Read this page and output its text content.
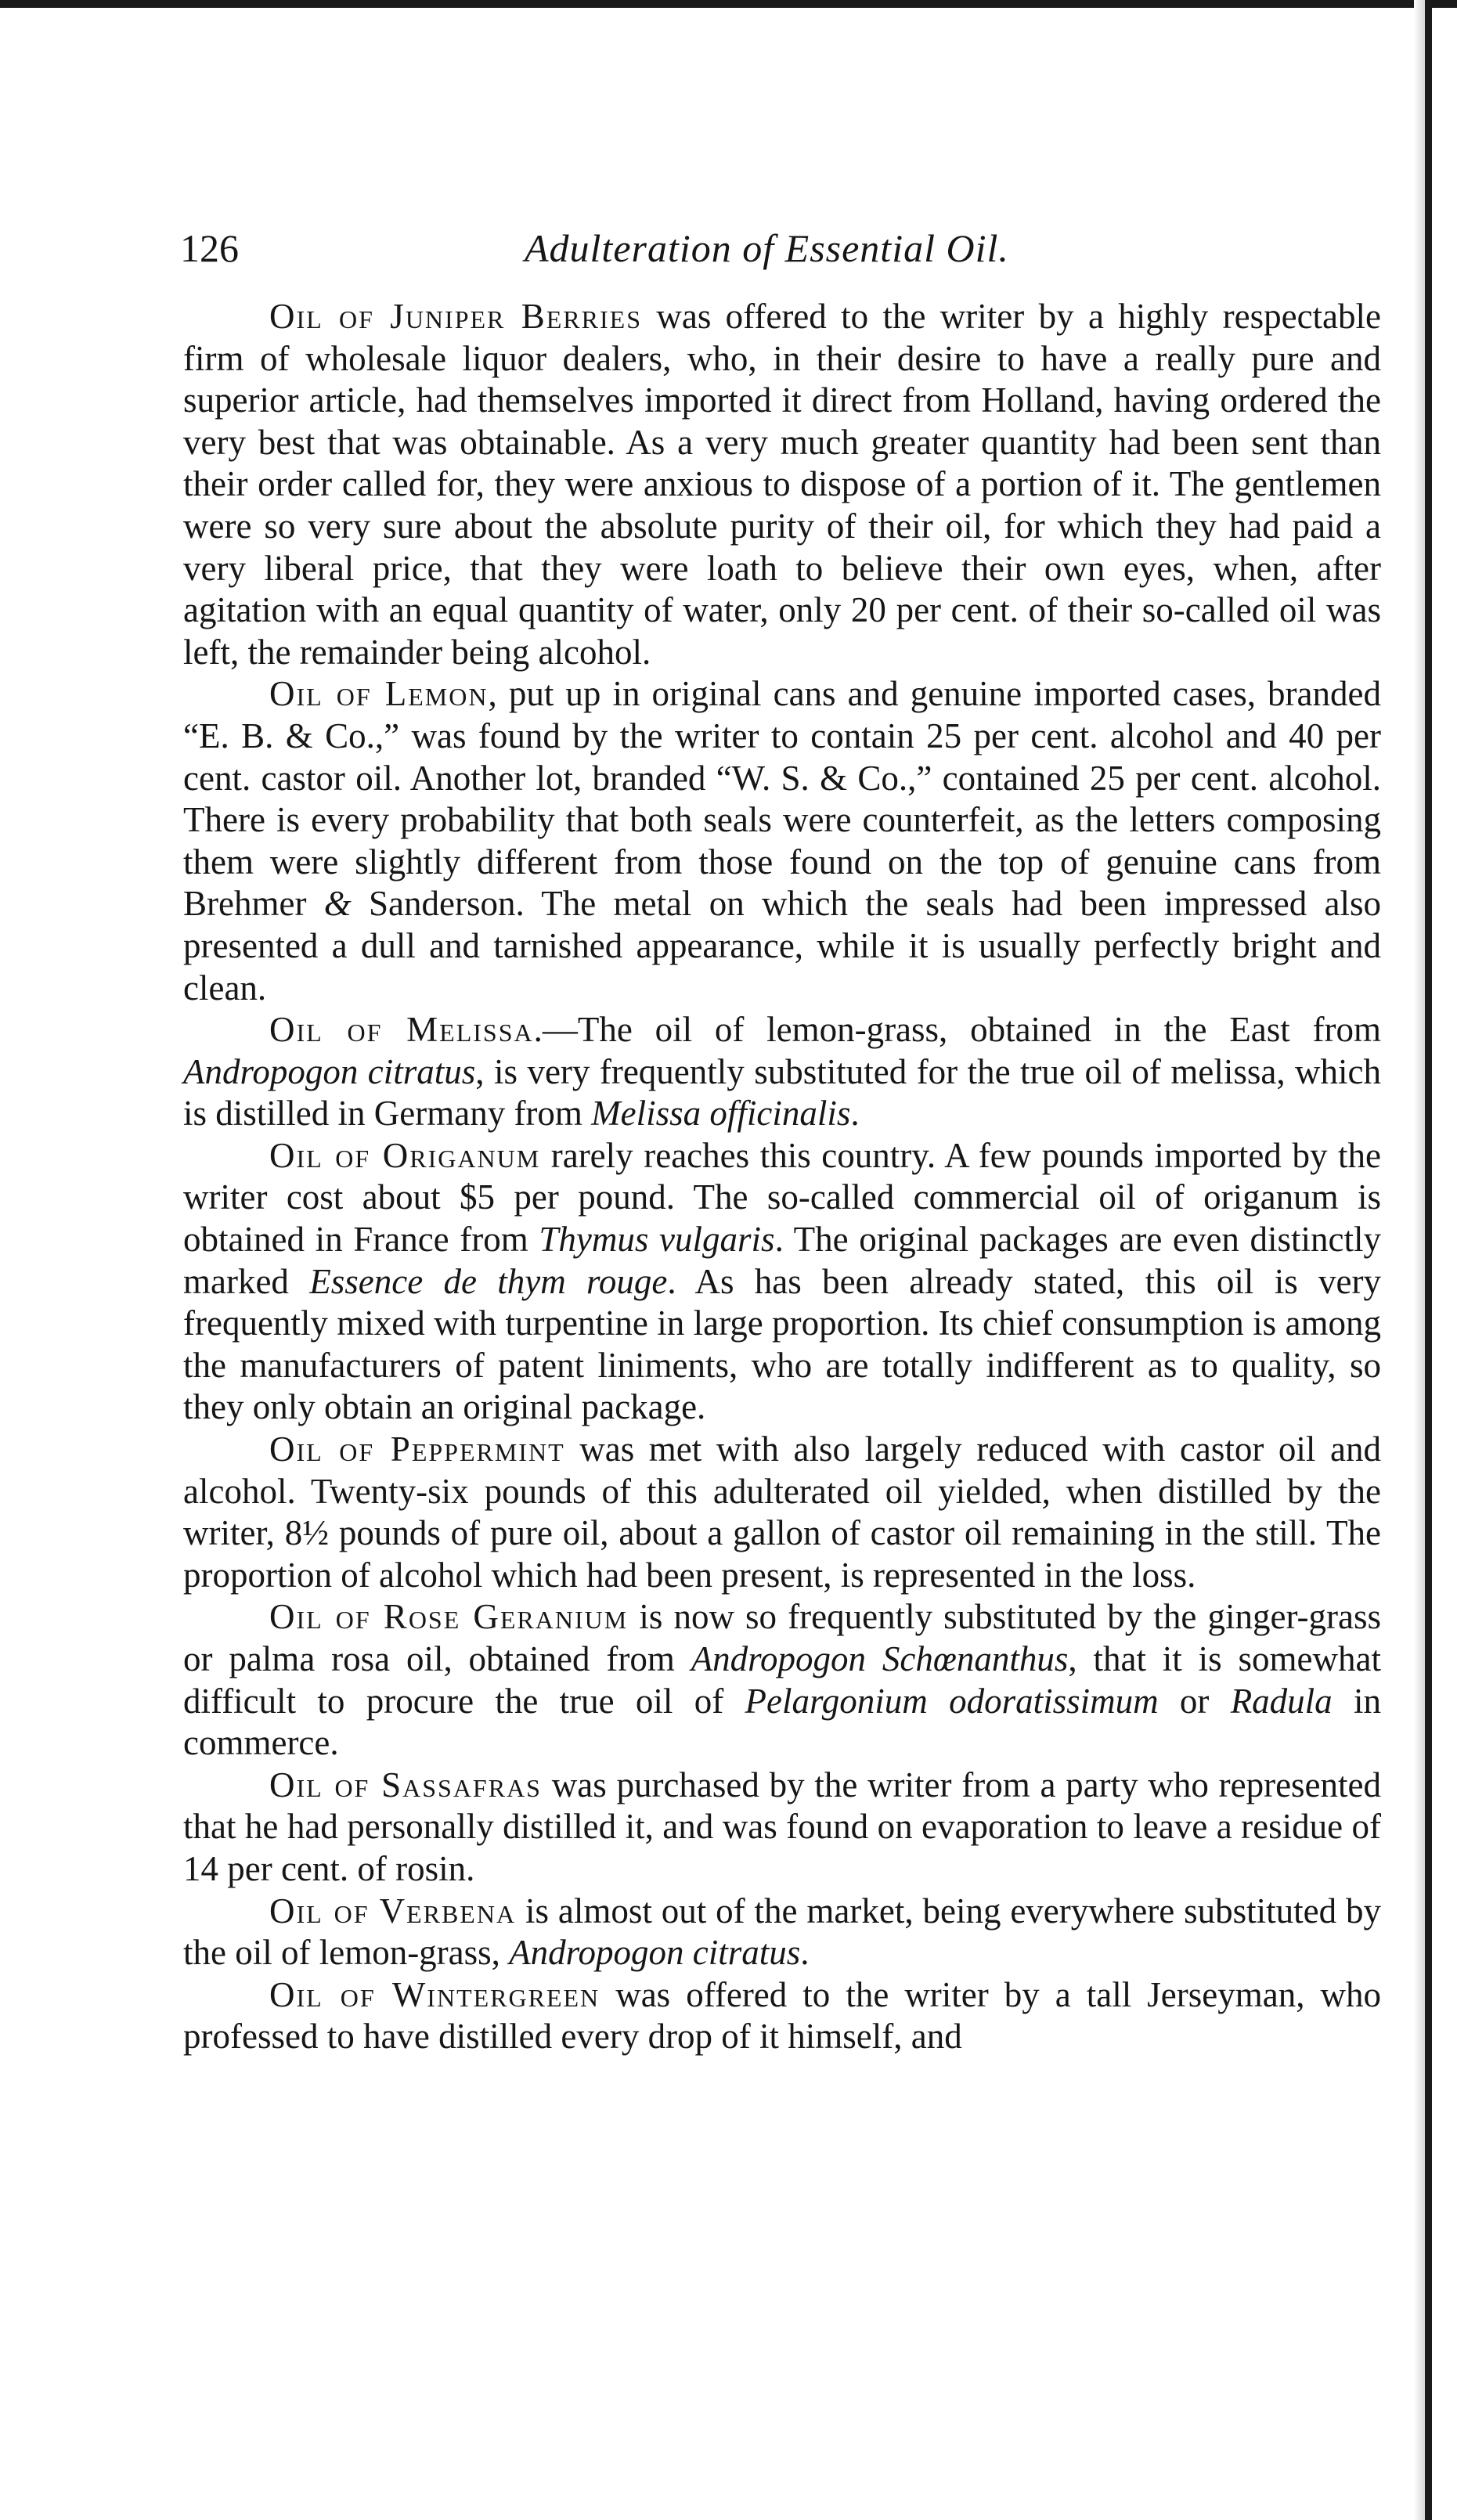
126	Adulteration of Essential Oil.

Oil of Juniper Berries was offered to the writer by a highly respectable firm of wholesale liquor dealers, who, in their desire to have a really pure and superior article, had themselves imported it direct from Holland, having ordered the very best that was obtainable. As a very much greater quantity had been sent than their order called for, they were anxious to dispose of a portion of it. The gentlemen were so very sure about the absolute purity of their oil, for which they had paid a very liberal price, that they were loath to believe their own eyes, when, after agitation with an equal quantity of water, only 20 per cent. of their so-called oil was left, the remainder being alcohol.

Oil of Lemon, put up in original cans and genuine imported cases, branded “E. B. & Co.,” was found by the writer to contain 25 per cent. alcohol and 40 per cent. castor oil. Another lot, branded “W. S. & Co.,” contained 25 per cent. alcohol. There is every probability that both seals were counterfeit, as the letters composing them were slightly different from those found on the top of genuine cans from Brehmer & Sanderson. The metal on which the seals had been impressed also presented a dull and tarnished appearance, while it is usually perfectly bright and clean.

Oil of Melissa.—The oil of lemon-grass, obtained in the East from Andropogon citratus, is very frequently substituted for the true oil of melissa, which is distilled in Germany from Melissa officinalis.

Oil of Origanum rarely reaches this country. A few pounds imported by the writer cost about $5 per pound. The so-called commercial oil of origanum is obtained in France from Thymus vulgaris. The original packages are even distinctly marked Essence de thym rouge. As has been already stated, this oil is very frequently mixed with turpentine in large proportion. Its chief consumption is among the manufacturers of patent liniments, who are totally indifferent as to quality, so they only obtain an original package.

Oil of Peppermint was met with also largely reduced with castor oil and alcohol. Twenty-six pounds of this adulterated oil yielded, when distilled by the writer, 8½ pounds of pure oil, about a gallon of castor oil remaining in the still. The proportion of alcohol which had been present, is represented in the loss.

Oil of Rose Geranium is now so frequently substituted by the ginger-grass or palma rosa oil, obtained from Andropogon Schœnanthus, that it is somewhat difficult to procure the true oil of Pelargonium odoratissimum or Radula in commerce.

Oil of Sassafras was purchased by the writer from a party who represented that he had personally distilled it, and was found on evaporation to leave a residue of 14 per cent. of rosin.

Oil of Verbena is almost out of the market, being everywhere substituted by the oil of lemon-grass, Andropogon citratus.

Oil of Wintergreen was offered to the writer by a tall Jerseyman, who professed to have distilled every drop of it himself, and
